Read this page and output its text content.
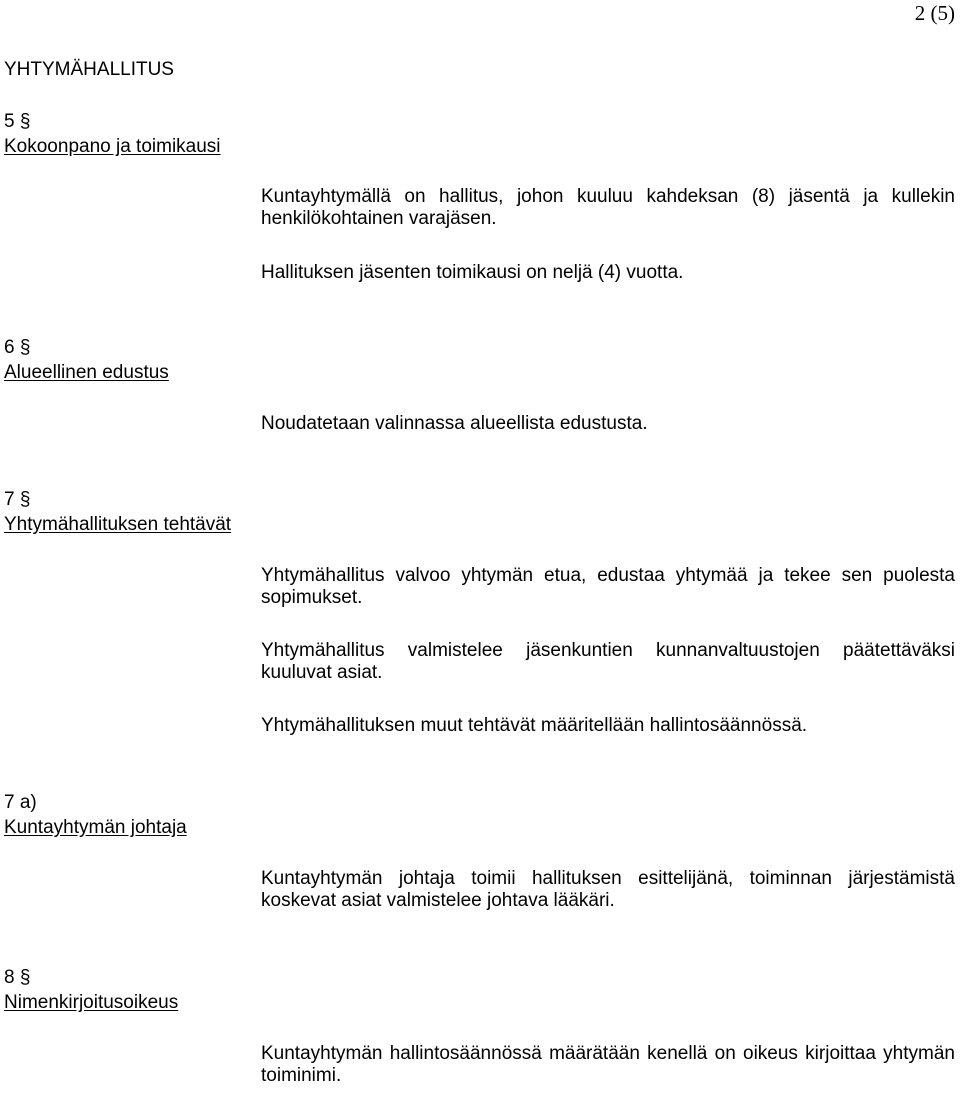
2 (5)
YHTYMÄHALLITUS
5 §
Kokoonpano ja toimikausi
Kuntayhtymällä on hallitus, johon kuuluu kahdeksan (8) jäsentä ja kullekin henkilökohtainen varajäsen.
Hallituksen jäsenten toimikausi on neljä (4) vuotta.
6 §
Alueellinen edustus
Noudatetaan valinnassa alueellista edustusta.
7 §
Yhtymähallituksen tehtävät
Yhtymähallitus valvoo yhtymän etua, edustaa yhtymää ja tekee sen puolesta sopimukset.
Yhtymähallitus valmistelee jäsenkuntien kunnanvaltuustojen päätettäväksi kuuluvat asiat.
Yhtymähallituksen muut tehtävät määritellään hallintosäännössä.
7 a)
Kuntayhtymän johtaja
Kuntayhtymän johtaja toimii hallituksen esittelijänä, toiminnan järjestämistä koskevat asiat valmistelee johtava lääkäri.
8 §
Nimenkirjoitusoikeus
Kuntayhtymän hallintosäännössä määrätään kenellä on oikeus kirjoittaa yhtymän toiminimi.
